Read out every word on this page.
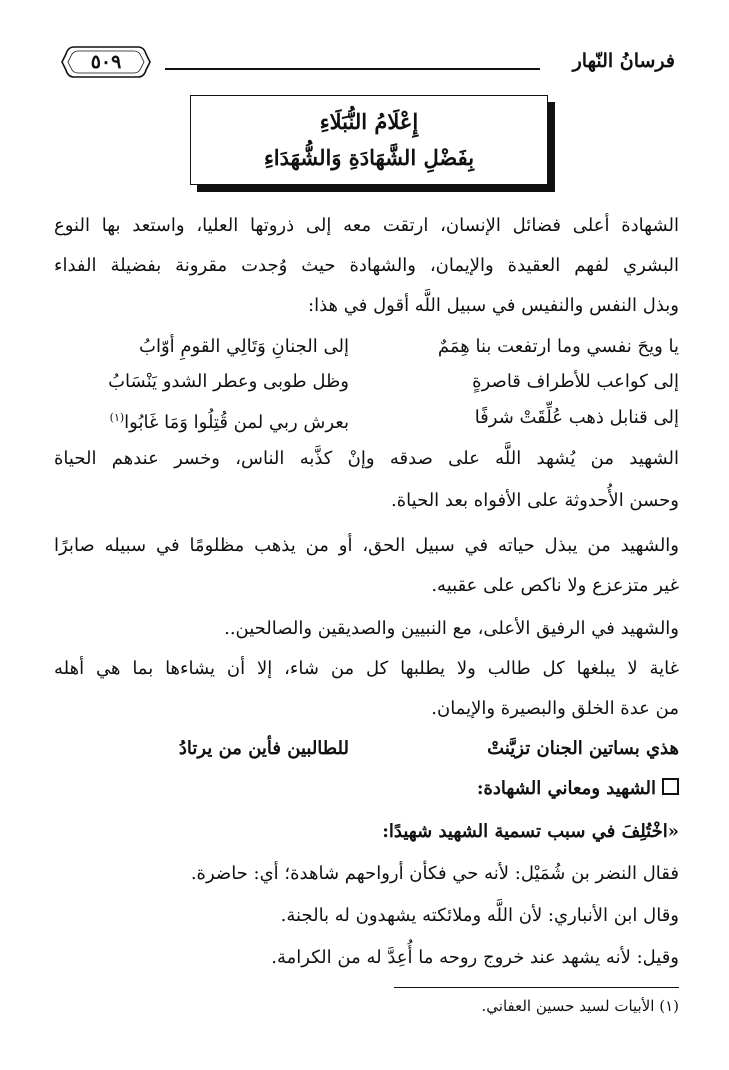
فرسانُ النّهار
٥٠٩
إِعْلَامُ النُّبَلَاءِ
بِفَضْلِ الشَّهَادَةِ وَالشُّهَدَاءِ
الشهادة أعلى فضائل الإنسان، ارتقت معه إلى ذروتها العليا، واستعد بها النوع
البشري لفهم العقيدة والإيمان، والشهادة حيث وُجدت مقرونة بفضيلة الفداء
وبذل النفس والنفيس في سبيل اللَّه أقول في هذا:
يا ويحَ نفسي وما ارتفعت بنا هِمَمٌ
إلى الجنانِ وَتَالِي القومِ أوّابُ
إلى كواعب للأطراف قاصرةٍ
وظل طوبى وعطر الشدو يَنْسَابُ
إلى قنابل ذهب عُلِّقَتْ شرفًا
بعرش ربي لمن قُتِلُوا وَمَا غَابُوا$^{(١)}$
الشهيد من يُشهد اللَّه على صدقه وإنْ كذَّبه الناس، وخسر عندهم الحياة
وحسن الأُحدوثة على الأفواه بعد الحياة.
والشهيد من يبذل حياته في سبيل الحق، أو من يذهب مظلومًا في سبيله صابرًا
غير متزعزع ولا ناكص على عقبيه.
والشهيد في الرفيق الأعلى، مع النبيين والصديقين والصالحين..
غاية لا يبلغها كل طالب ولا يطلبها كل من شاء، إلا أن يشاءها بما هي أهله
من عدة الخلق والبصيرة والإيمان.
هذي بساتين الجنان تزيَّنتْ
للطالبين فأين من يرتادُ
الشهيد ومعاني الشهادة:
«اخْتُلِفَ في سبب تسمية الشهيد شهيدًا:
فقال النضر بن شُمَيْل: لأنه حي فكأن أرواحهم شاهدة؛ أي: حاضرة.
وقال ابن الأنباري: لأن اللَّه وملائكته يشهدون له بالجنة.
وقيل: لأنه يشهد عند خروج روحه ما أُعِدَّ له من الكرامة.
(١) الأبيات لسيد حسين العفاني.
